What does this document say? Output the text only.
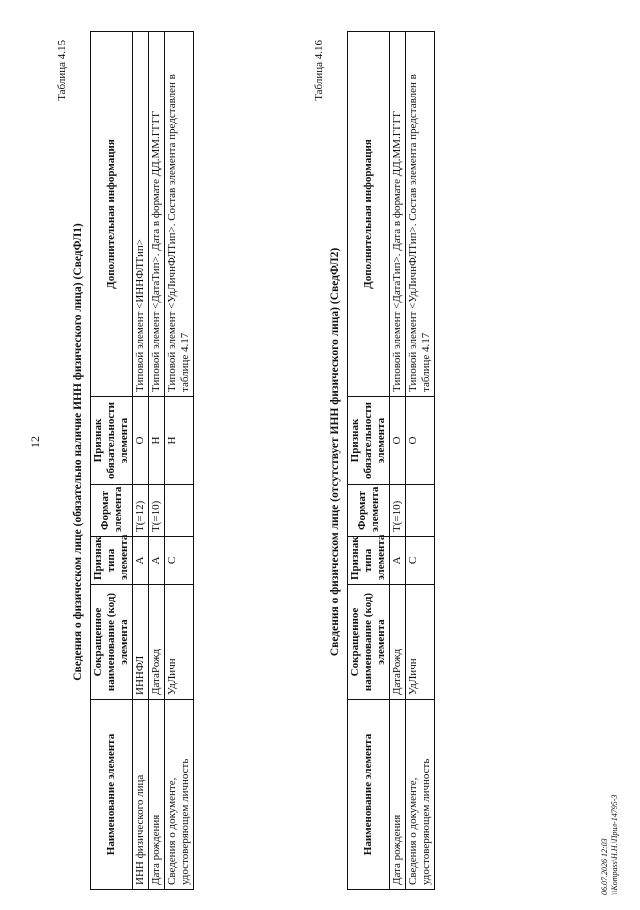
12
Таблица 4.15
Сведения о физическом лице (обязательно наличие ИНН физического лица) (СведФЛ1)
Наименование элемента	Сокращенное наименование (код) элемента	Признак типа элемента	Формат элемента	Признак обязательности элемента	Дополнительная информация
ИНН физического лица	ИННФЛ	А	T(=12)	О	Типовой элемент <ИННФЛТип>
Дата рождения	ДатаРожд	А	T(=10)	Н	Типовой элемент <ДатаТип>. Дата в формате ДД.ММ.ГГГГ
Сведения о документе, удостоверяющем личность	УдЛичн	С		Н	Типовой элемент <УдЛичнФЛТип>. Состав элемента представлен в таблице 4.17
Таблица 4.16
Сведения о физическом лице (отсутствует ИНН физического лица) (СведФЛ2)
Наименование элемента	Сокращенное наименование (код) элемента	Признак типа элемента	Формат элемента	Признак обязательности элемента	Дополнительная информация
Дата рождения	ДатаРожд	А	T(=10)	О	Типовой элемент <ДатаТип>. Дата в формате ДД.ММ.ГГГГ
Сведения о документе, удостоверяющем личность	УдЛичн	С		О	Типовой элемент <УдЛичнФЛТип>. Состав элемента представлен в таблице 4.17
06.07.2026 12:03 \\Kompass\Н.Н.\Прил-14795-3
